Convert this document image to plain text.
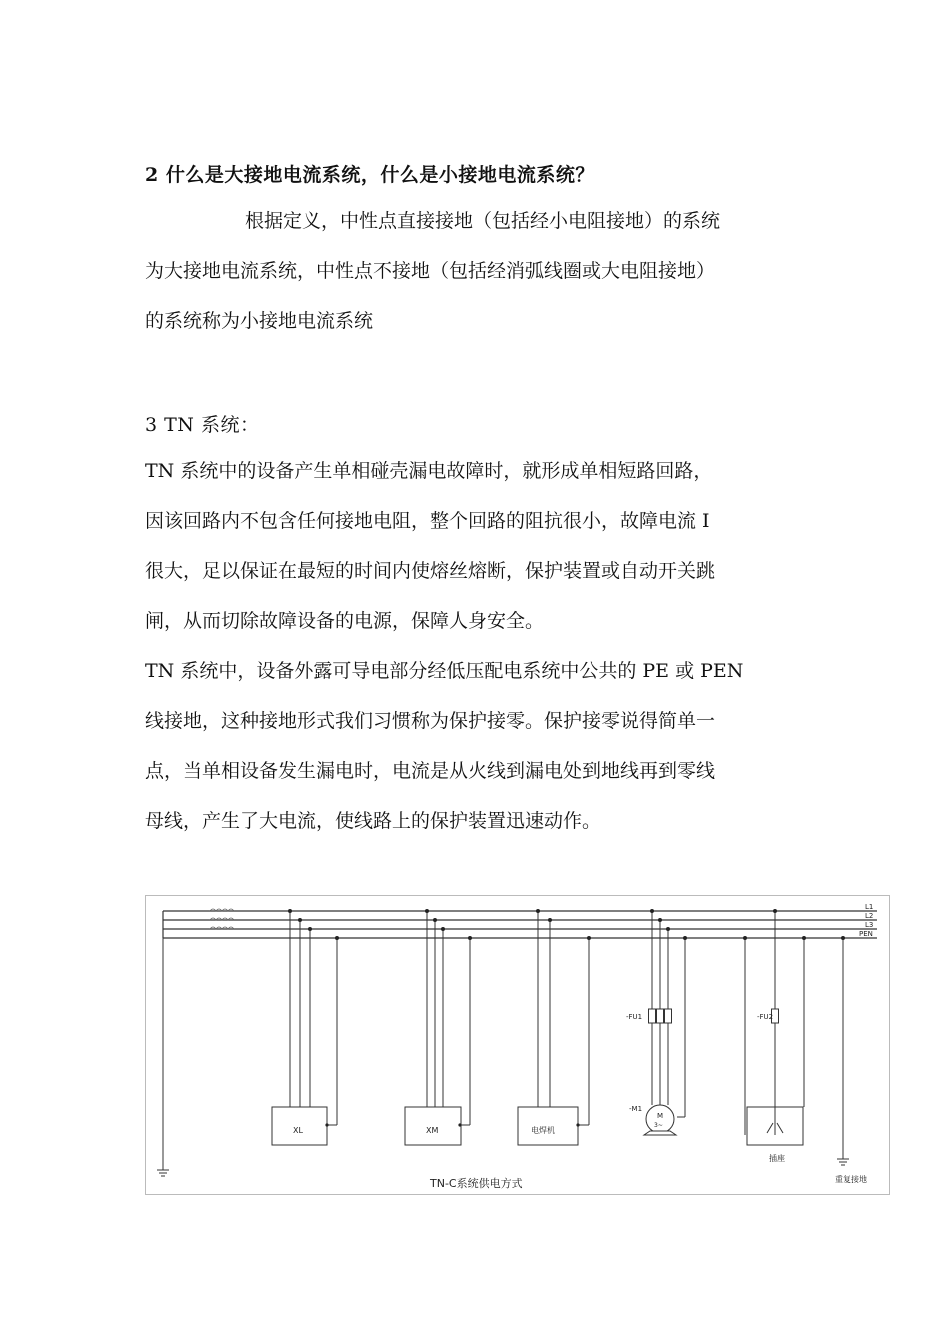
2 什么是大接地电流系统，什么是小接地电流系统？
根据定义，中性点直接接地（包括经小电阻接地）的系统
为大接地电流系统，中性点不接地（包括经消弧线圈或大电阻接地）
的系统称为小接地电流系统
3 TN 系统：
TN 系统中的设备产生单相碰壳漏电故障时，就形成单相短路回路，
因该回路内不包含任何接地电阻，整个回路的阻抗很小，故障电流 I
很大，足以保证在最短的时间内使熔丝熔断，保护装置或自动开关跳
闸，从而切除故障设备的电源，保障人身安全。
TN 系统中，设备外露可导电部分经低压配电系统中公共的 PE 或 PEN
线接地，这种接地形式我们习惯称为保护接零。保护接零说得简单一
点，当单相设备发生漏电时，电流是从火线到漏电处到地线再到零线
母线，产生了大电流，使线路上的保护装置迅速动作。
L1
L2
L3
PEN
XL	XM	电焊机
-FU1
-M1
M
3~
-FU2
插座
重复接地
TN-C系统供电方式
